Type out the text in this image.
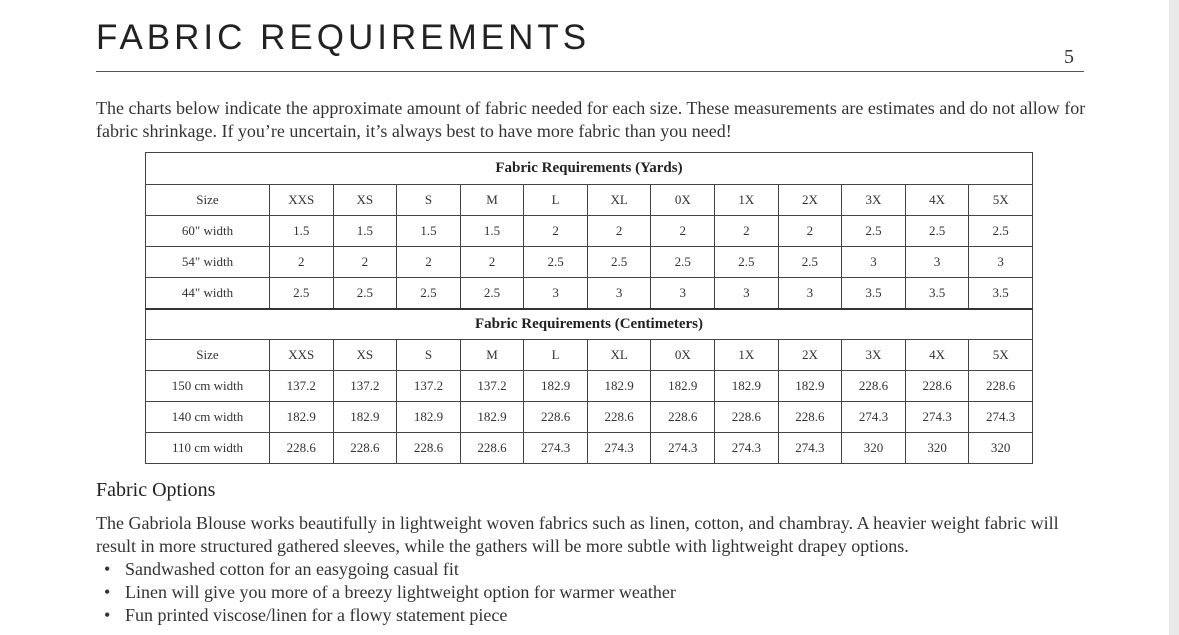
FABRIC REQUIREMENTS	5

The charts below indicate the approximate amount of fabric needed for each size. These measurements are estimates and do not allow for fabric shrinkage. If you’re uncertain, it’s always best to have more fabric than you need!

Fabric Requirements (Yards)												
Size	XXS	XS	S	M	L	XL	0X	1X	2X	3X	4X	5X
60" width	1.5	1.5	1.5	1.5	2	2	2	2	2	2.5	2.5	2.5
54" width	2	2	2	2	2.5	2.5	2.5	2.5	2.5	3	3	3
44" width	2.5	2.5	2.5	2.5	3	3	3	3	3	3.5	3.5	3.5
Fabric Requirements (Centimeters)												
Size	XXS	XS	S	M	L	XL	0X	1X	2X	3X	4X	5X
150 cm width	137.2	137.2	137.2	137.2	182.9	182.9	182.9	182.9	182.9	228.6	228.6	228.6
140 cm width	182.9	182.9	182.9	182.9	228.6	228.6	228.6	228.6	228.6	274.3	274.3	274.3
110 cm width	228.6	228.6	228.6	228.6	274.3	274.3	274.3	274.3	274.3	320	320	320
Fabric Options

The Gabriola Blouse works beautifully in lightweight woven fabrics such as linen, cotton, and chambray. A heavier weight fabric will result in more structured gathered sleeves, while the gathers will be more subtle with lightweight drapey options.

• Sandwashed cotton for an easygoing casual fit
• Linen will give you more of a breezy lightweight option for warmer weather
• Fun printed viscose/linen for a flowy statement piece
